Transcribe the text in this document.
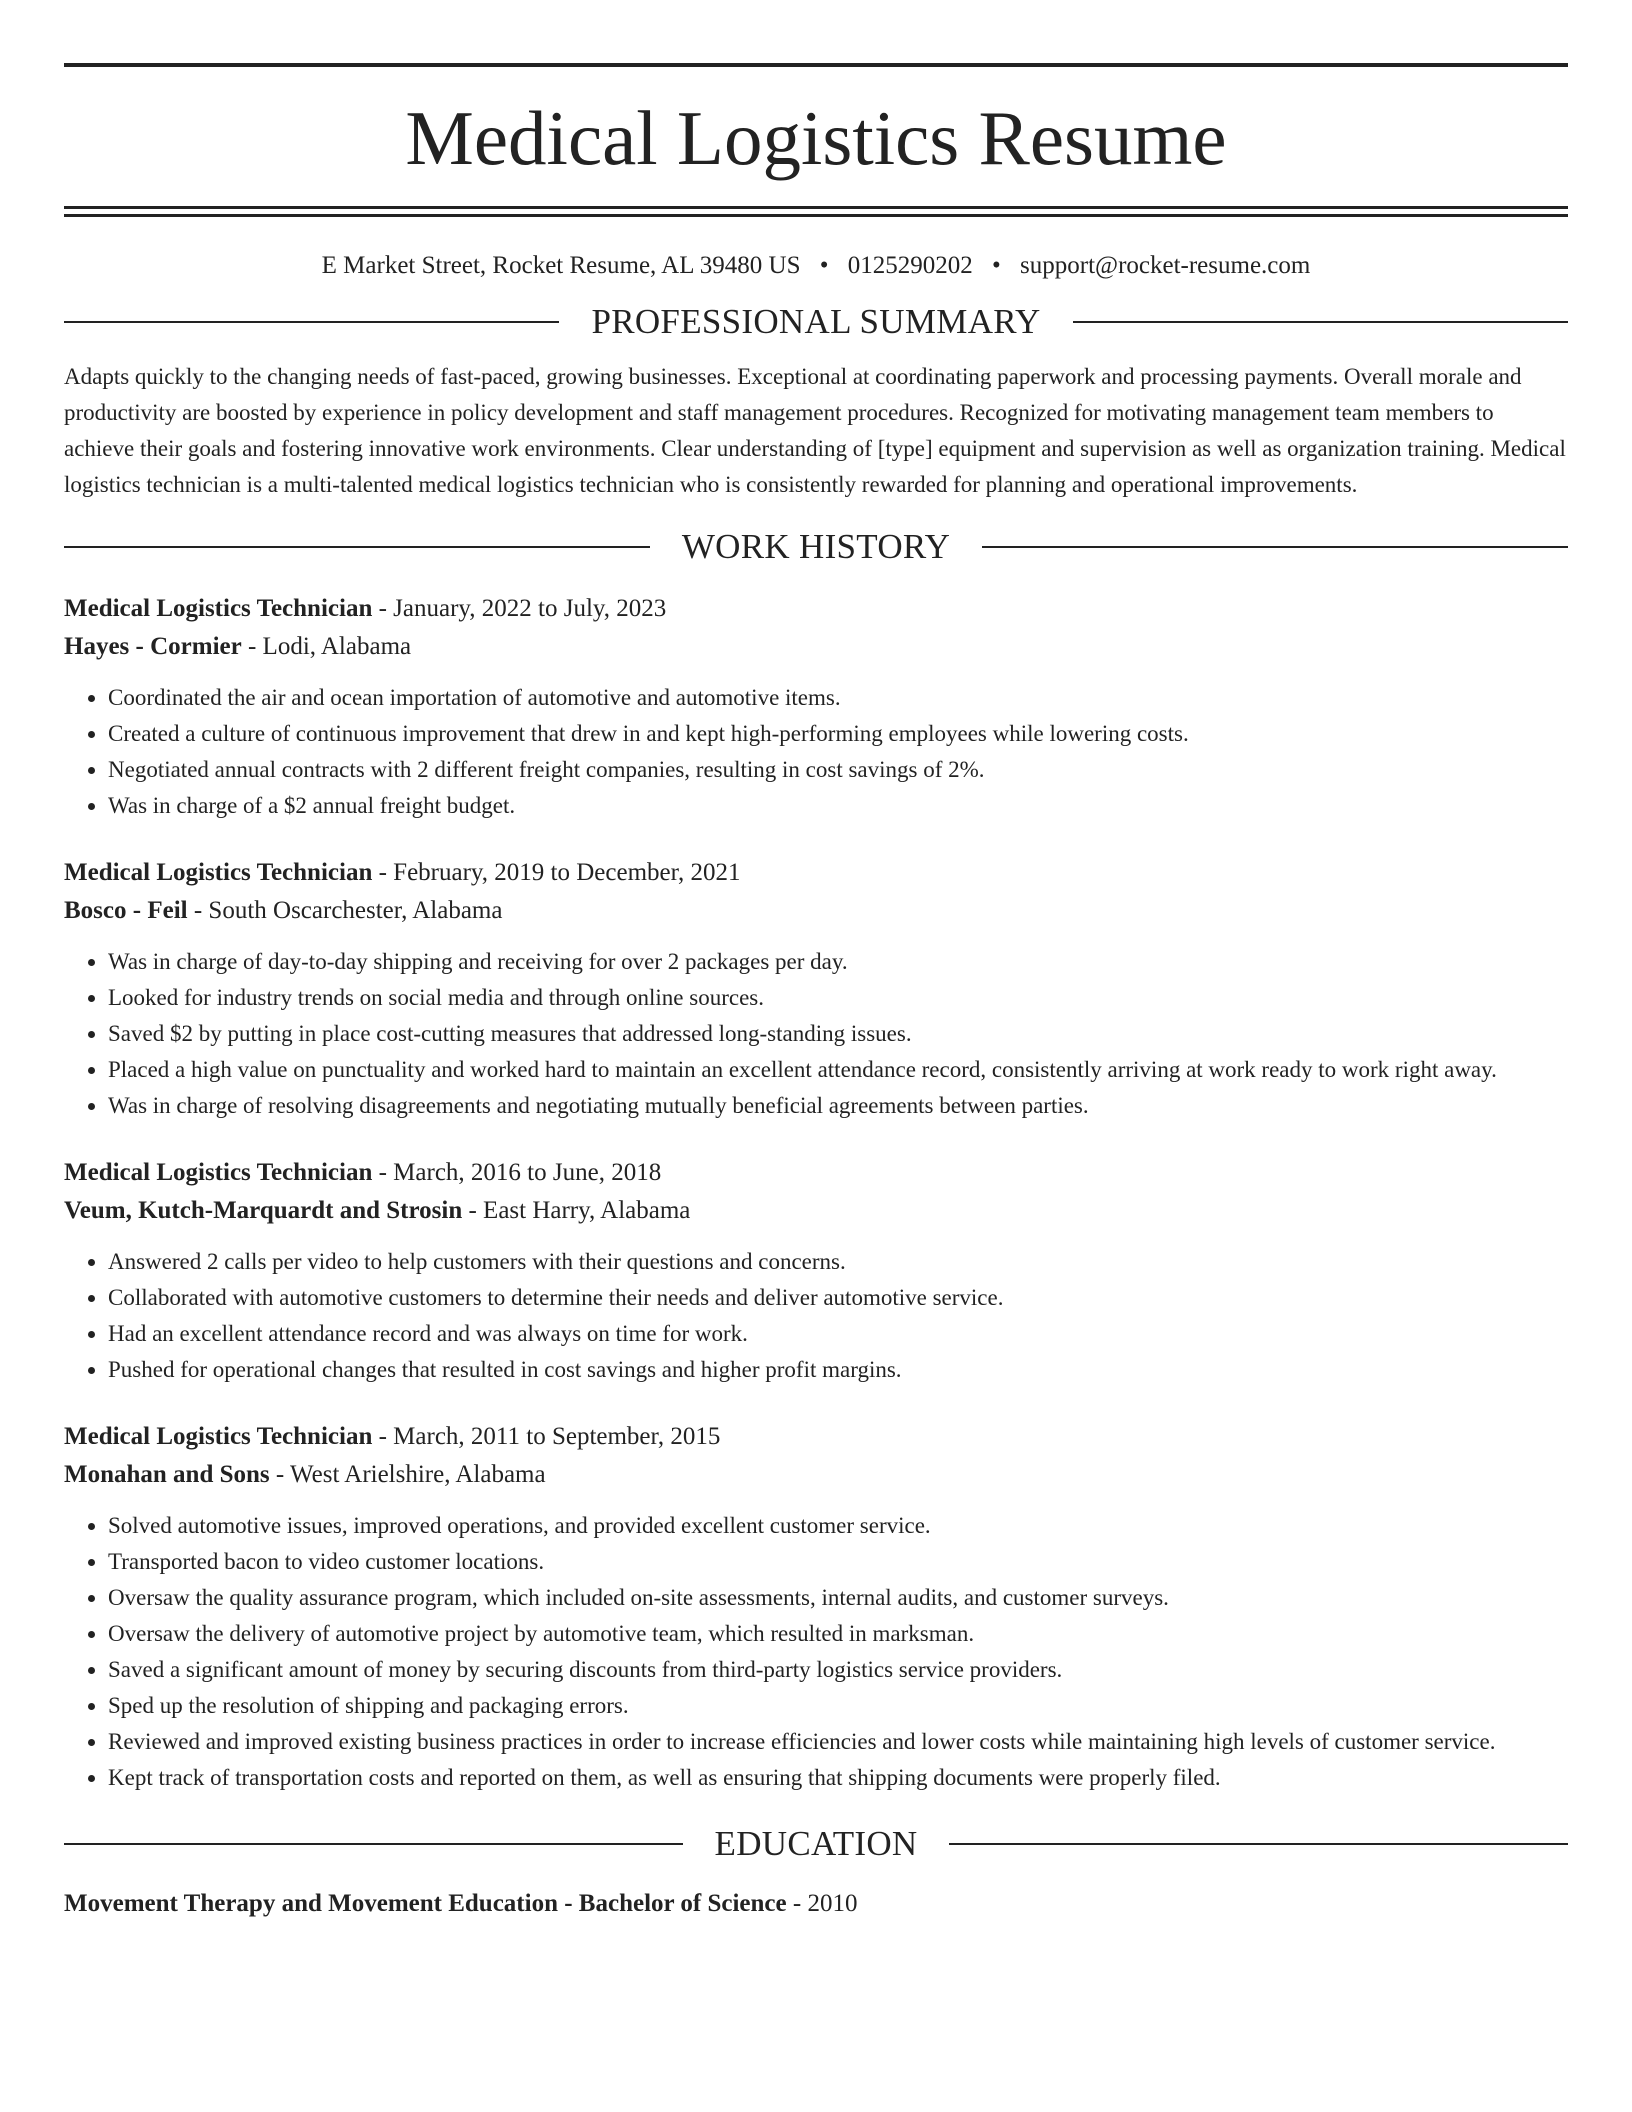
Medical Logistics Resume
E Market Street, Rocket Resume, AL 39480 US • 0125290202 • support@rocket-resume.com
PROFESSIONAL SUMMARY

Adapts quickly to the changing needs of fast-paced, growing businesses. Exceptional at coordinating paperwork and processing payments. Overall morale and productivity are boosted by experience in policy development and staff management procedures. Recognized for motivating management team members to achieve their goals and fostering innovative work environments. Clear understanding of [type] equipment and supervision as well as organization training. Medical logistics technician is a multi-talented medical logistics technician who is consistently rewarded for planning and operational improvements.

WORK HISTORY
Medical Logistics Technician - January, 2022 to July, 2023
Hayes - Cormier - Lodi, Alabama
• Coordinated the air and ocean importation of automotive and automotive items.
• Created a culture of continuous improvement that drew in and kept high-performing employees while lowering costs.
• Negotiated annual contracts with 2 different freight companies, resulting in cost savings of 2%.
• Was in charge of a $2 annual freight budget.
Medical Logistics Technician - February, 2019 to December, 2021
Bosco - Feil - South Oscarchester, Alabama
• Was in charge of day-to-day shipping and receiving for over 2 packages per day.
• Looked for industry trends on social media and through online sources.
• Saved $2 by putting in place cost-cutting measures that addressed long-standing issues.
• Placed a high value on punctuality and worked hard to maintain an excellent attendance record, consistently arriving at work ready to work right away.
• Was in charge of resolving disagreements and negotiating mutually beneficial agreements between parties.
Medical Logistics Technician - March, 2016 to June, 2018
Veum, Kutch-Marquardt and Strosin - East Harry, Alabama
• Answered 2 calls per video to help customers with their questions and concerns.
• Collaborated with automotive customers to determine their needs and deliver automotive service.
• Had an excellent attendance record and was always on time for work.
• Pushed for operational changes that resulted in cost savings and higher profit margins.
Medical Logistics Technician - March, 2011 to September, 2015
Monahan and Sons - West Arielshire, Alabama
• Solved automotive issues, improved operations, and provided excellent customer service.
• Transported bacon to video customer locations.
• Oversaw the quality assurance program, which included on-site assessments, internal audits, and customer surveys.
• Oversaw the delivery of automotive project by automotive team, which resulted in marksman.
• Saved a significant amount of money by securing discounts from third-party logistics service providers.
• Sped up the resolution of shipping and packaging errors.
• Reviewed and improved existing business practices in order to increase efficiencies and lower costs while maintaining high levels of customer service.
• Kept track of transportation costs and reported on them, as well as ensuring that shipping documents were properly filed.
EDUCATION
Movement Therapy and Movement Education - Bachelor of Science - 2010
